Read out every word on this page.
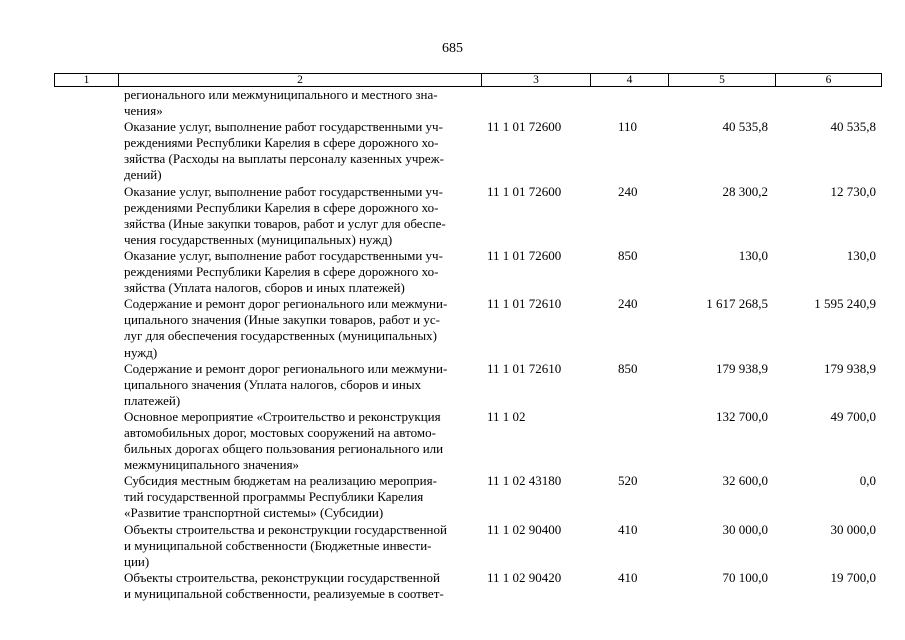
685
1	2	3	4	5	6

	регионального или межмуниципального и местного зна-
чения»				

	Оказание услуг, выполнение работ государственными уч-
реждениями Республики Карелия в сфере дорожного хо-
зяйства (Расходы на выплаты персоналу казенных учреж-
дений)	11 1 01 72600	110	40 535,8	40 535,8

	Оказание услуг, выполнение работ государственными уч-
реждениями Республики Карелия в сфере дорожного хо-
зяйства (Иные закупки товаров, работ и услуг для обеспе-
чения государственных (муниципальных) нужд)	11 1 01 72600	240	28 300,2	12 730,0

	Оказание услуг, выполнение работ государственными уч-
реждениями Республики Карелия в сфере дорожного хо-
зяйства (Уплата налогов, сборов и иных платежей)	11 1 01 72600	850	130,0	130,0

	Содержание и ремонт дорог регионального или межмуни-
ципального значения (Иные закупки товаров, работ и ус-
луг для обеспечения государственных (муниципальных)
нужд)	11 1 01 72610	240	1 617 268,5	1 595 240,9

	Содержание и ремонт дорог регионального или межмуни-
ципального значения (Уплата налогов, сборов и иных
платежей)	11 1 01 72610	850	179 938,9	179 938,9

	Основное мероприятие «Строительство и реконструкция
автомобильных дорог, мостовых сооружений на автомо-
бильных дорогах общего пользования регионального или
межмуниципального значения»	11 1 02		132 700,0	49 700,0

	Субсидия местным бюджетам на реализацию мероприя-
тий государственной программы Республики Карелия
«Развитие транспортной системы» (Субсидии)	11 1 02 43180	520	32 600,0	0,0

	Объекты строительства и реконструкции государственной
и муниципальной собственности (Бюджетные инвести-
ции)	11 1 02 90400	410	30 000,0	30 000,0

	Объекты строительства, реконструкции государственной
и муниципальной собственности, реализуемые в соответ-	11 1 02 90420	410	70 100,0	19 700,0
